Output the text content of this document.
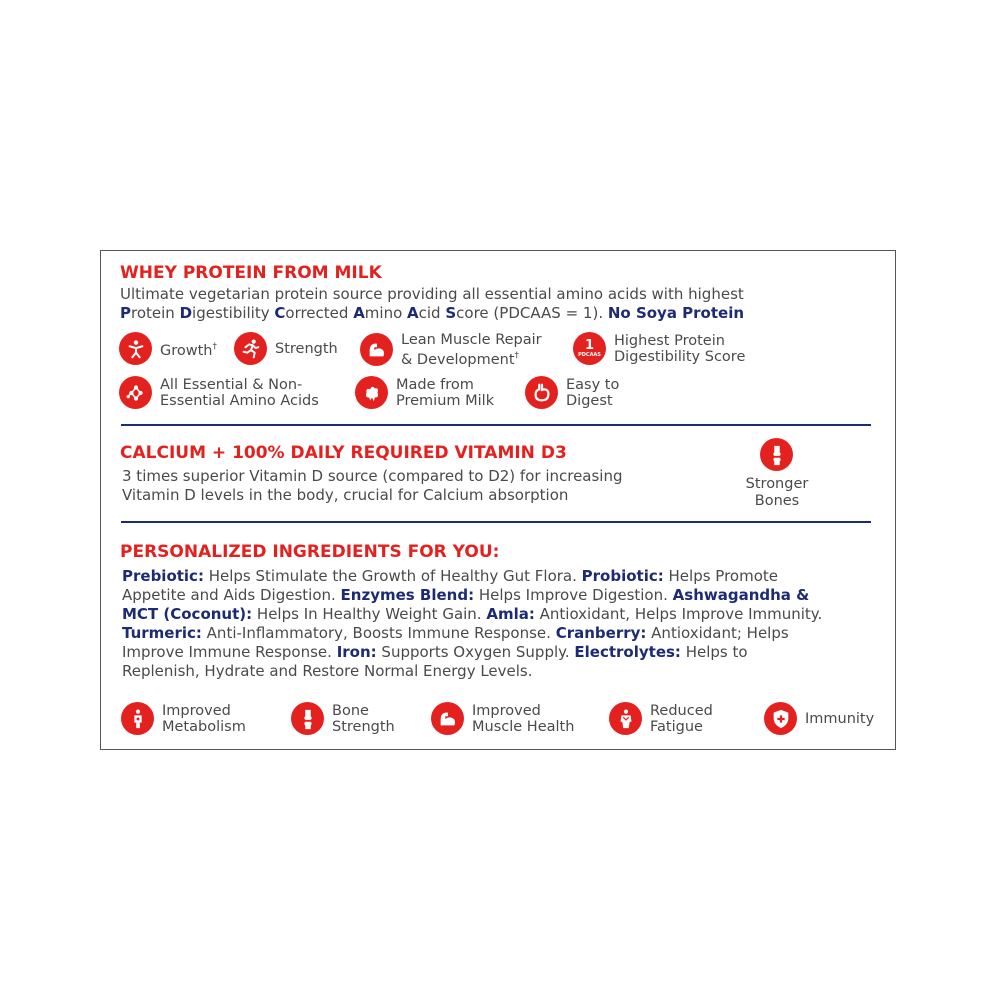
WHEY PROTEIN FROM MILK
Ultimate vegetarian protein source providing all essential amino acids with highest
Protein Digestibility Corrected Amino Acid Score (PDCAAS = 1). No Soya Protein
Growth†	Strength
Lean Muscle Repair
& Development†
1
PDCAAS
Highest Protein
Digestibility Score
All Essential & Non-
Essential Amino Acids
Made from
Premium Milk
Easy to
Digest
CALCIUM + 100% DAILY REQUIRED VITAMIN D3
3 times superior Vitamin D source (compared to D2) for increasing
Vitamin D levels in the body, crucial for Calcium absorption
Stronger
Bones
PERSONALIZED INGREDIENTS FOR YOU:
Prebiotic: Helps Stimulate the Growth of Healthy Gut Flora. Probiotic: Helps Promote
Appetite and Aids Digestion. Enzymes Blend: Helps Improve Digestion. Ashwagandha &
MCT (Coconut): Helps In Healthy Weight Gain. Amla: Antioxidant, Helps Improve Immunity.
Turmeric: Anti-Inflammatory, Boosts Immune Response. Cranberry: Antioxidant; Helps
Improve Immune Response. Iron: Supports Oxygen Supply. Electrolytes: Helps to
Replenish, Hydrate and Restore Normal Energy Levels.
Improved
Metabolism
Bone
Strength
Improved
Muscle Health
Reduced
Fatigue	Immunity
